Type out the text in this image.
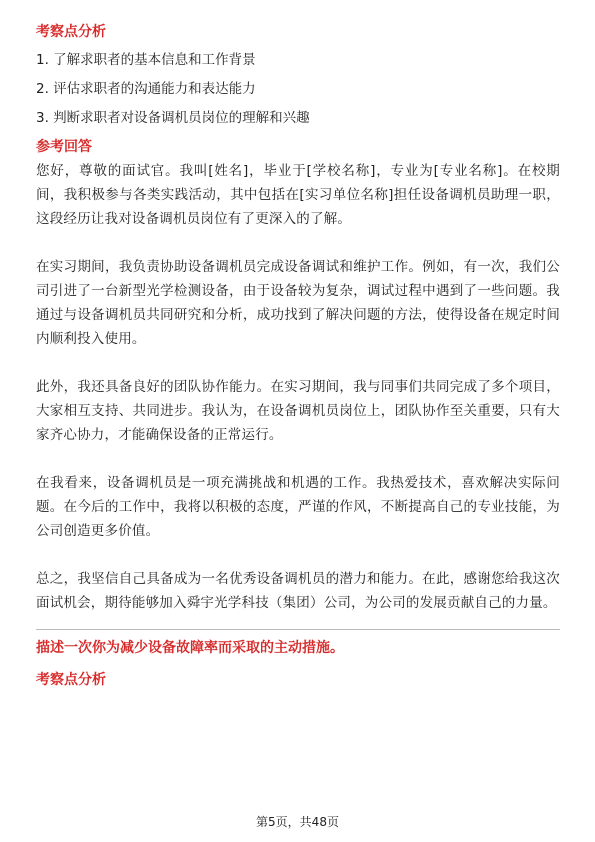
考察点分析
1. 了解求职者的基本信息和工作背景
2. 评估求职者的沟通能力和表达能力
3. 判断求职者对设备调机员岗位的理解和兴趣
参考回答

您好，尊敬的面试官。我叫[姓名]，毕业于[学校名称]，专业为[专业名称]。在校期间，我积极参与各类实践活动，其中包括在[实习单位名称]担任设备调机员助理一职，这段经历让我对设备调机员岗位有了更深入的了解。

在实习期间，我负责协助设备调机员完成设备调试和维护工作。例如，有一次，我们公司引进了一台新型光学检测设备，由于设备较为复杂，调试过程中遇到了一些问题。我通过与设备调机员共同研究和分析，成功找到了解决问题的方法，使得设备在规定时间内顺利投入使用。

此外，我还具备良好的团队协作能力。在实习期间，我与同事们共同完成了多个项目，大家相互支持、共同进步。我认为，在设备调机员岗位上，团队协作至关重要，只有大家齐心协力，才能确保设备的正常运行。

在我看来，设备调机员是一项充满挑战和机遇的工作。我热爱技术，喜欢解决实际问题。在今后的工作中，我将以积极的态度，严谨的作风，不断提高自己的专业技能，为公司创造更多价值。

总之，我坚信自己具备成为一名优秀设备调机员的潜力和能力。在此，感谢您给我这次面试机会，期待能够加入舜宇光学科技（集团）公司，为公司的发展贡献自己的力量。

描述一次你为减少设备故障率而采取的主动措施。

考察点分析
第5页，共48页
